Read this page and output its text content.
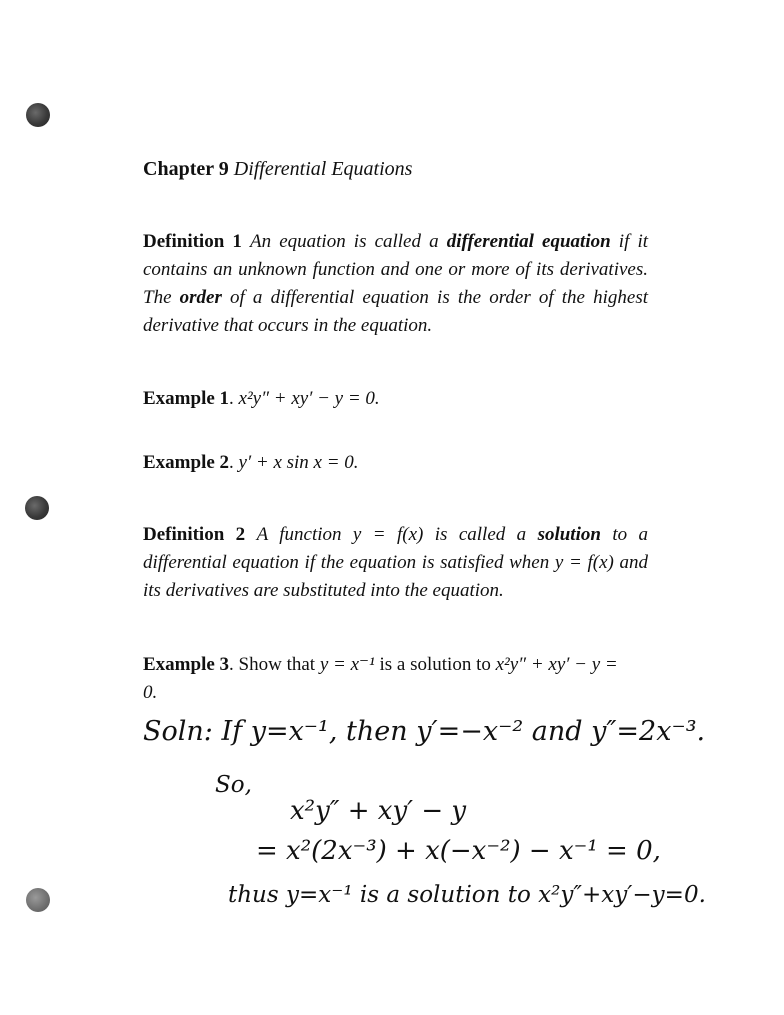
Chapter 9 Differential Equations
Definition 1 An equation is called a differential equation if it contains an unknown function and one or more of its derivatives. The order of a differential equation is the order of the highest derivative that occurs in the equation.
Example 1. x²y″ + xy′ − y = 0.
Example 2. y′ + x sin x = 0.
Definition 2 A function y = f(x) is called a solution to a differential equation if the equation is satisfied when y = f(x) and its derivatives are substituted into the equation.
Example 3. Show that y = x⁻¹ is a solution to x²y″ + xy′ − y = 0.
Soln: If y=x⁻¹, then y′=−x⁻² and y″=2x⁻³.
So,
x²y″ + xy′ − y
= x²(2x⁻³) + x(−x⁻²) − x⁻¹ = 0,
thus y=x⁻¹ is a solution to x²y″+xy′−y=0.
